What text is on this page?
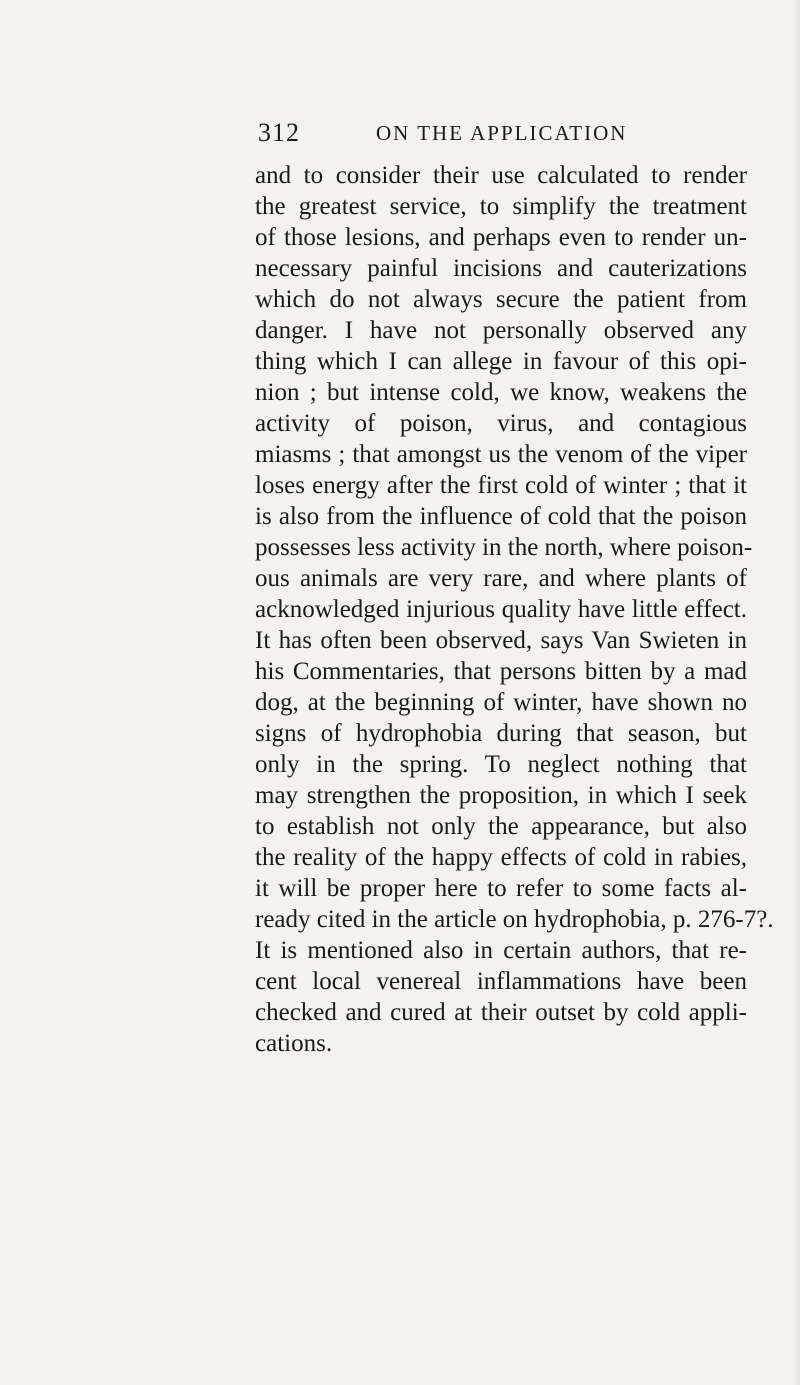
312	ON THE APPLICATION
and to consider their use calculated to render
the greatest service, to simplify the treatment
of those lesions, and perhaps even to render un-
necessary painful incisions and cauterizations
which do not always secure the patient from
danger. I have not personally observed any
thing which I can allege in favour of this opi-
nion ; but intense cold, we know, weakens the
activity of poison, virus, and contagious
miasms ; that amongst us the venom of the viper
loses energy after the first cold of winter ; that it
is also from the influence of cold that the poison
possesses less activity in the north, where poison-
ous animals are very rare, and where plants of
acknowledged injurious quality have little effect.
It has often been observed, says Van Swieten in
his Commentaries, that persons bitten by a mad
dog, at the beginning of winter, have shown no
signs of hydrophobia during that season, but
only in the spring. To neglect nothing that
may strengthen the proposition, in which I seek
to establish not only the appearance, but also
the reality of the happy effects of cold in rabies,
it will be proper here to refer to some facts al-
ready cited in the article on hydrophobia, p. 276-7?.
It is mentioned also in certain authors, that re-
cent local venereal inflammations have been
checked and cured at their outset by cold appli-
cations.
